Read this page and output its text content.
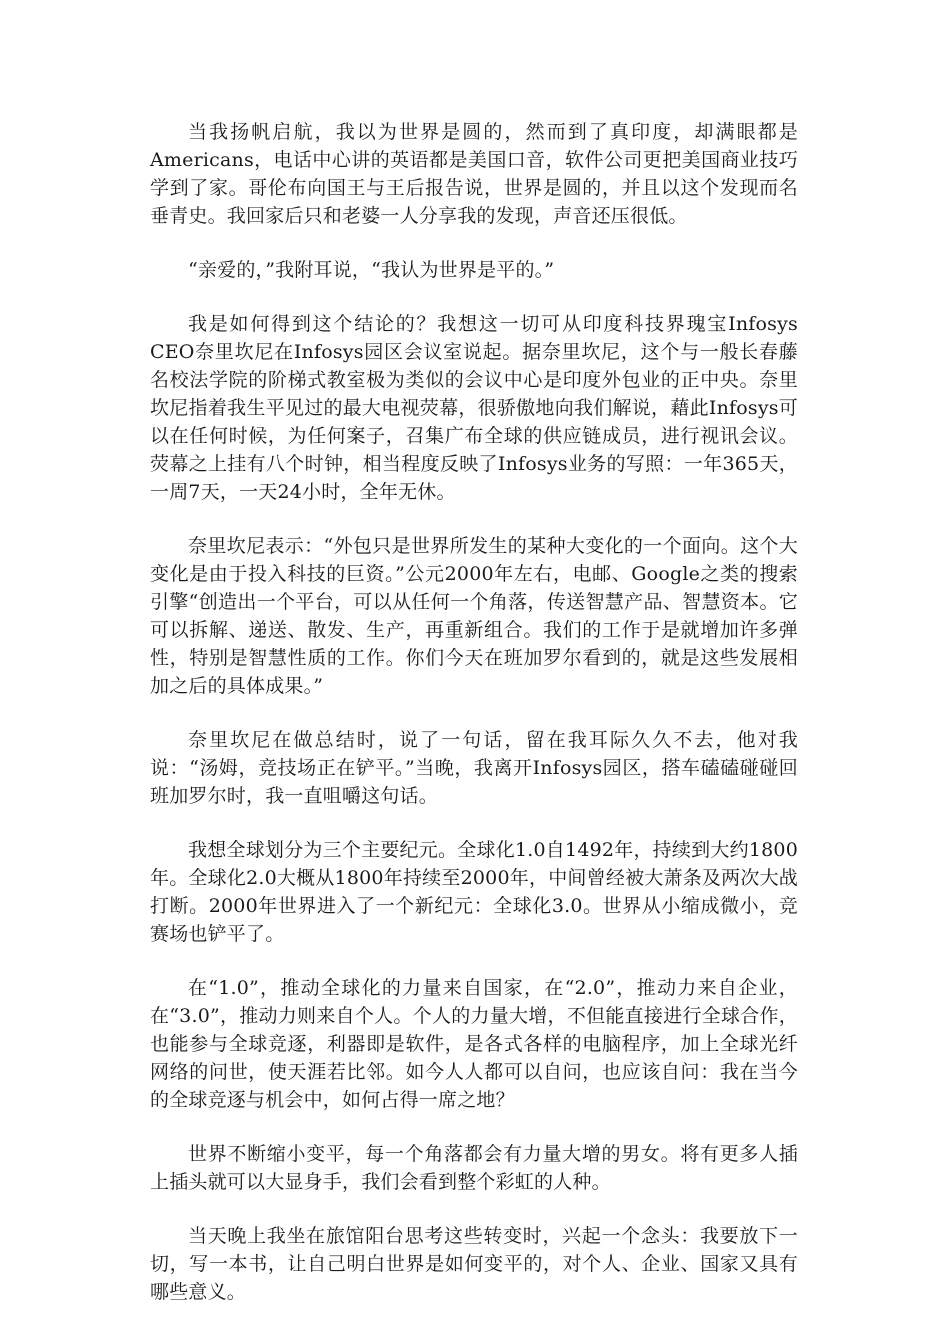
当我扬帆启航，我以为世界是圆的，然而到了真印度，却满眼都是Americans，电话中心讲的英语都是美国口音，软件公司更把美国商业技巧学到了家。哥伦布向国王与王后报告说，世界是圆的，并且以这个发现而名垂青史。我回家后只和老婆一人分享我的发现，声音还压很低。

“亲爱的，”我附耳说，“我认为世界是平的。”

我是如何得到这个结论的？我想这一切可从印度科技界瑰宝Infosys CEO奈里坎尼在Infosys园区会议室说起。据奈里坎尼，这个与一般长春藤名校法学院的阶梯式教室极为类似的会议中心是印度外包业的正中央。奈里坎尼指着我生平见过的最大电视荧幕，很骄傲地向我们解说，藉此Infosys可以在任何时候，为任何案子，召集广布全球的供应链成员，进行视讯会议。荧幕之上挂有八个时钟，相当程度反映了Infosys业务的写照：一年365天，一周7天，一天24小时，全年无休。

奈里坎尼表示：“外包只是世界所发生的某种大变化的一个面向。这个大变化是由于投入科技的巨资。”公元2000年左右，电邮、Google之类的搜索引擎“创造出一个平台，可以从任何一个角落，传送智慧产品、智慧资本。它可以拆解、递送、散发、生产，再重新组合。我们的工作于是就增加许多弹性，特别是智慧性质的工作。你们今天在班加罗尔看到的，就是这些发展相加之后的具体成果。”

奈里坎尼在做总结时，说了一句话，留在我耳际久久不去，他对我说：“汤姆，竞技场正在铲平。”当晚，我离开Infosys园区，搭车磕磕碰碰回班加罗尔时，我一直咀嚼这句话。

我想全球划分为三个主要纪元。全球化1.0自1492年，持续到大约1800年。全球化2.0大概从1800年持续至2000年，中间曾经被大萧条及两次大战打断。2000年世界进入了一个新纪元：全球化3.0。世界从小缩成微小，竞赛场也铲平了。

在“1.0”，推动全球化的力量来自国家，在“2.0”，推动力来自企业，在“3.0”，推动力则来自个人。个人的力量大增，不但能直接进行全球合作，也能参与全球竞逐，利器即是软件，是各式各样的电脑程序，加上全球光纤网络的问世，使天涯若比邻。如今人人都可以自问，也应该自问：我在当今的全球竞逐与机会中，如何占得一席之地？

世界不断缩小变平，每一个角落都会有力量大增的男女。将有更多人插上插头就可以大显身手，我们会看到整个彩虹的人种。

当天晚上我坐在旅馆阳台思考这些转变时，兴起一个念头：我要放下一切，写一本书，让自己明白世界是如何变平的，对个人、企业、国家又具有哪些意义。
